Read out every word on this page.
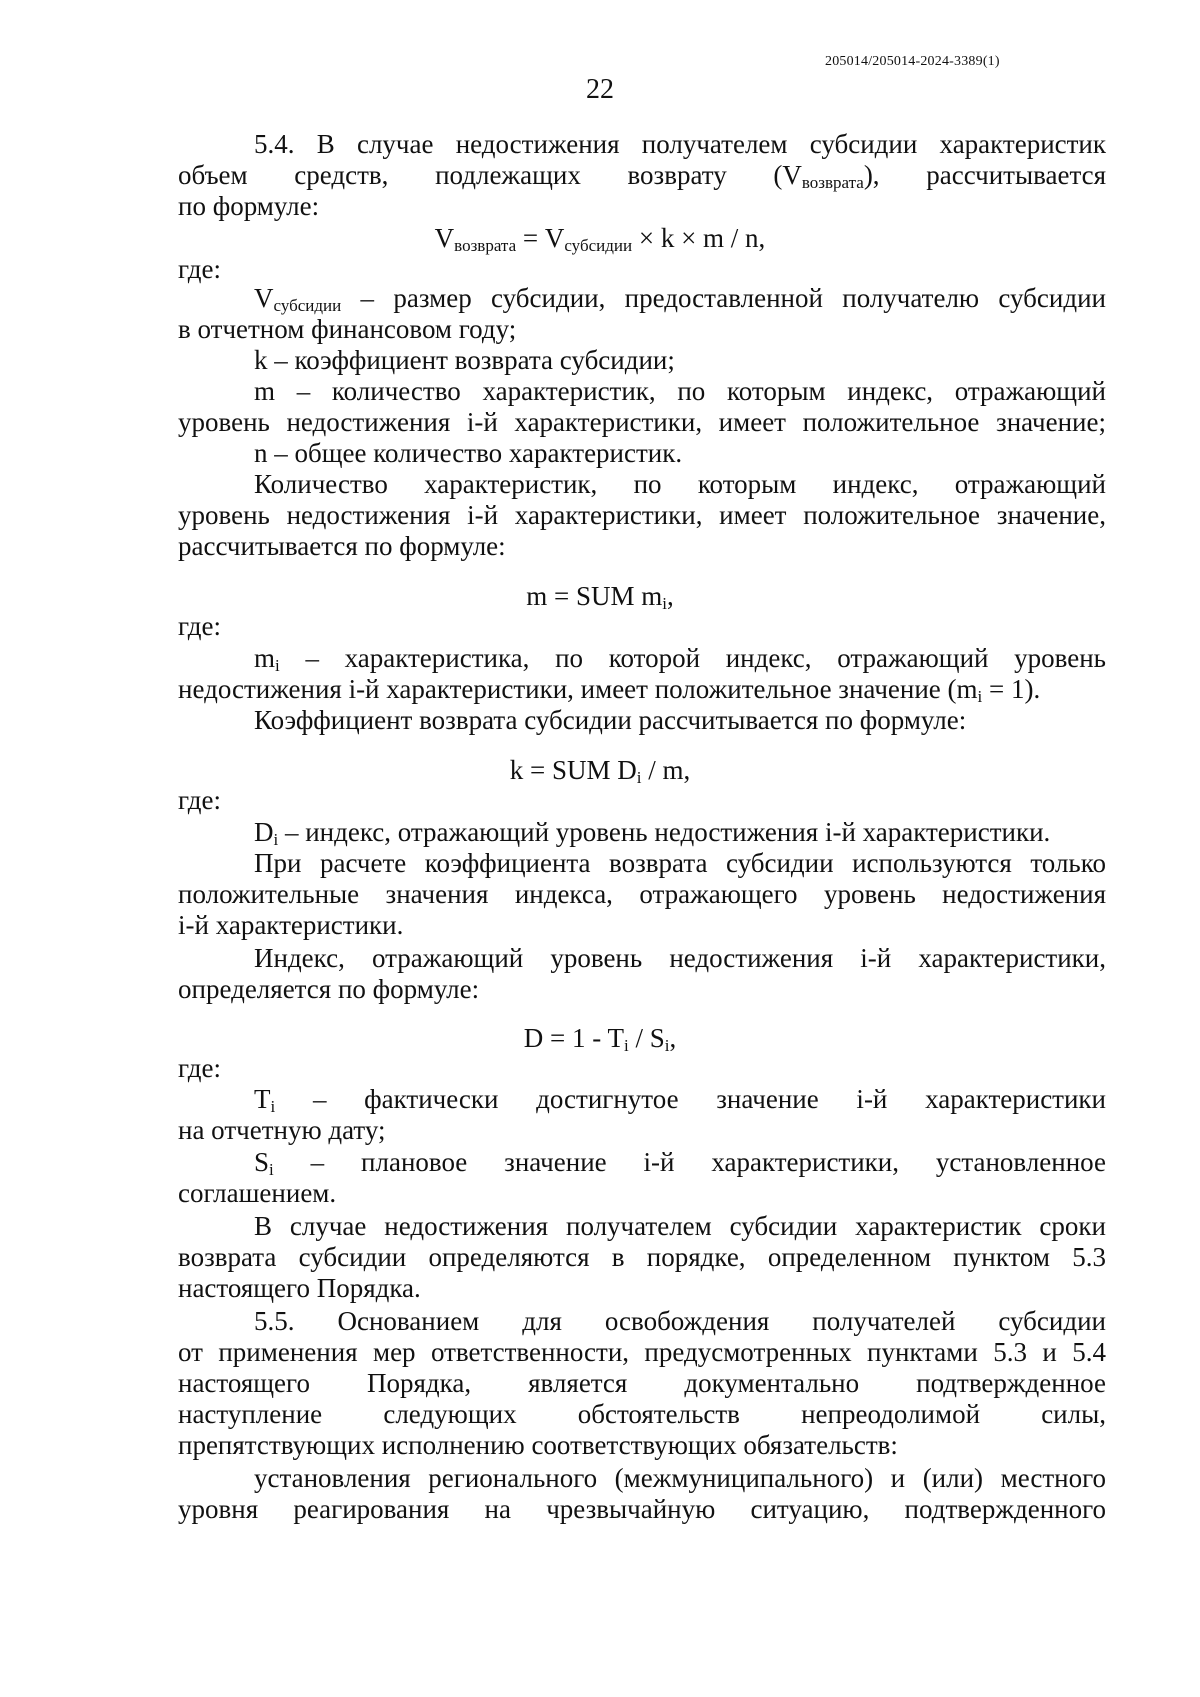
205014/205014-2024-3389(1)
22
5.4. В случае недостижения получателем субсидии характеристик
объем средств, подлежащих возврату $(V_{возврата})$, рассчитывается
по формуле:
$V_{возврата} = V_{субсидии} \times k \times m / n$,
где:
$V_{субсидии}$ – размер субсидии, предоставленной получателю субсидии
в отчетном финансовом году;
k – коэффициент возврата субсидии;
m – количество характеристик, по которым индекс, отражающий
уровень недостижения i-й характеристики, имеет положительное значение;
n – общее количество характеристик.
Количество характеристик, по которым индекс, отражающий
уровень недостижения i-й характеристики, имеет положительное значение,
рассчитывается по формуле:
m = SUM $m_i$,
где:
$m_i$ – характеристика, по которой индекс, отражающий уровень
недостижения i-й характеристики, имеет положительное значение $(m_i = 1)$.
Коэффициент возврата субсидии рассчитывается по формуле:
k = SUM $D_i$ / m,
где:
$D_i$ – индекс, отражающий уровень недостижения i-й характеристики.
При расчете коэффициента возврата субсидии используются только
положительные значения индекса, отражающего уровень недостижения
i-й характеристики.
Индекс, отражающий уровень недостижения i-й характеристики,
определяется по формуле:
$D = 1 - T_i / S_i$,
где:
$T_i$ – фактически достигнутое значение i-й характеристики
на отчетную дату;
$S_i$ – плановое значение i-й характеристики, установленное
соглашением.
В случае недостижения получателем субсидии характеристик сроки
возврата субсидии определяются в порядке, определенном пунктом 5.3
настоящего Порядка.
5.5. Основанием для освобождения получателей субсидии
от применения мер ответственности, предусмотренных пунктами 5.3 и 5.4
настоящего Порядка, является документально подтвержденное
наступление следующих обстоятельств непреодолимой силы,
препятствующих исполнению соответствующих обязательств:
установления регионального (межмуниципального) и (или) местного
уровня реагирования на чрезвычайную ситуацию, подтвержденного
